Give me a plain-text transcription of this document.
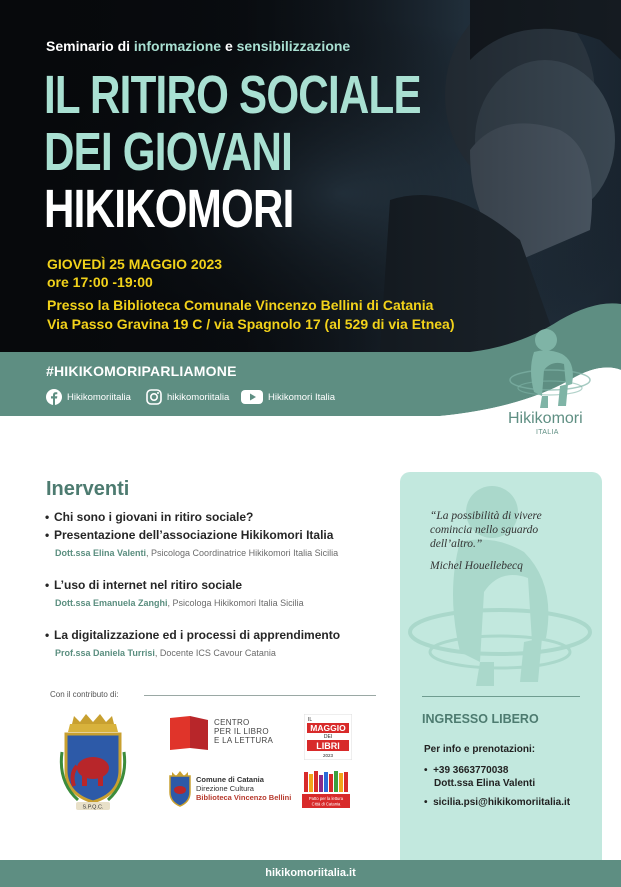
Seminario di informazione e sensibilizzazione
IL RITIRO SOCIALE
DEI GIOVANI
HIKIKOMORI
GIOVEDÌ 25 MAGGIO 2023
ore 17:00 -19:00
Presso la Biblioteca Comunale Vincenzo Bellini di Catania
Via Passo Gravina 19 C / via Spagnolo 17 (al 529 di via Etnea)
#HIKIKOMORIPARLIAMONE
Hikikomoriitalia	hikikomoriitalia	Hikikomori Italia
Hikikomori
ITALIA
Inerventi
• Chi sono i giovani in ritiro sociale?
• Presentazione dell’associazione Hikikomori Italia
Dott.ssa Elina Valenti, Psicologa Coordinatrice Hikikomori Italia Sicilia
• L’uso di internet nel ritiro sociale
Dott.ssa Emanuela Zanghi, Psicologa Hikikomori Italia Sicilia
• La digitalizzazione ed i processi di apprendimento
Prof.ssa Daniela Turrisi, Docente ICS Cavour Catania
Con il contributo di:
S.P.Q.C.
CENTRO
PER IL LIBRO
E LA LETTURA
IL
MAGGIO
DEI
LIBRI
2023
Comune di Catania
Direzione Cultura
Biblioteca Vincenzo Bellini	Patto per la lettura
Città di Catania
“La possibilità di vivere
comincia nello sguardo
dell’altro.”
Michel Houellebecq
INGRESSO LIBERO
Per info e prenotazioni:
•  +39 3663770038
Dott.ssa Elina Valenti
•  sicilia.psi@hikikomoriitalia.it
hikikomoriitalia.it
